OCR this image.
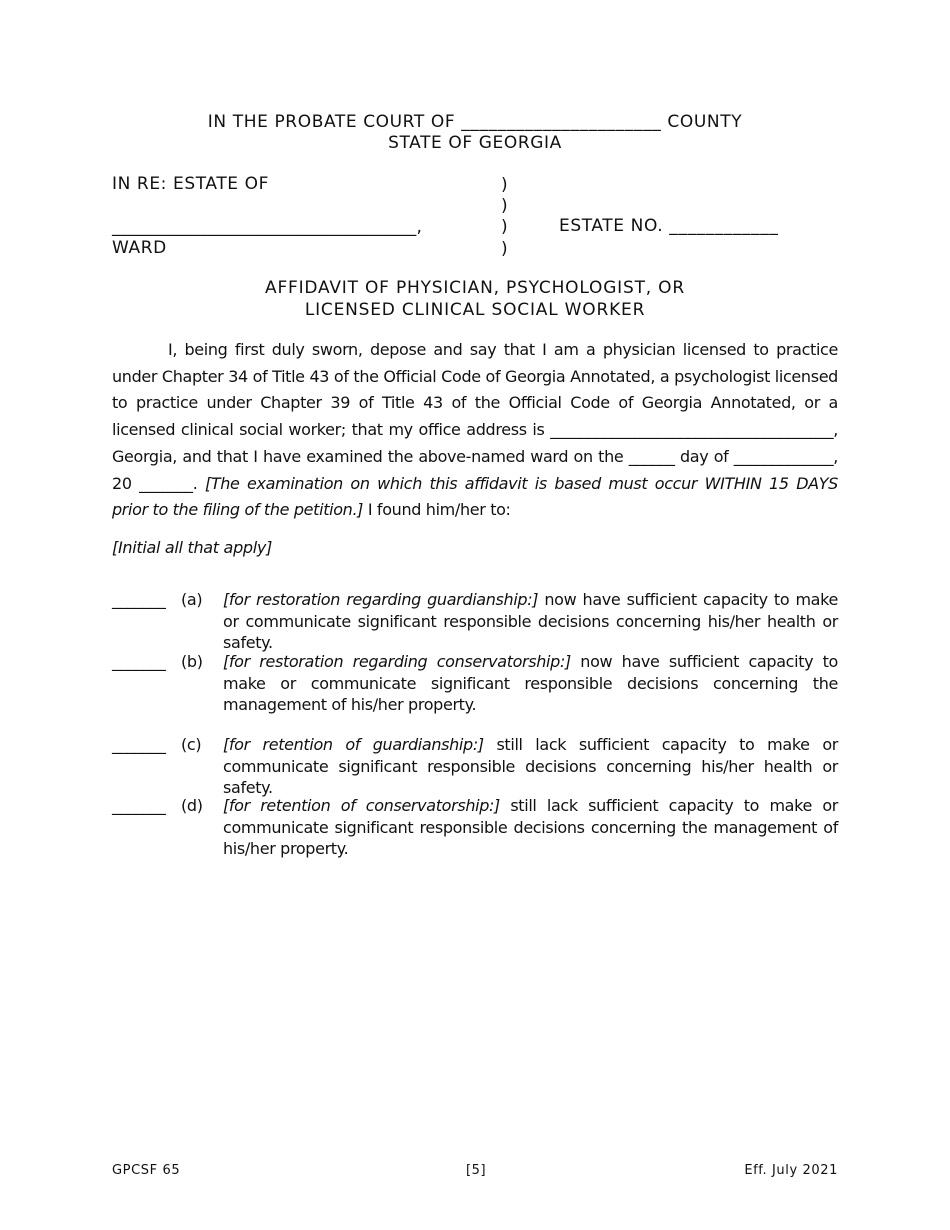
IN THE PROBATE COURT OF ______________________ COUNTY
STATE OF GEORGIA
IN RE: ESTATE OF	)
)
___________________________________,	)	ESTATE NO. ____________
WARD	)
AFFIDAVIT OF PHYSICIAN, PSYCHOLOGIST, OR
LICENSED CLINICAL SOCIAL WORKER
I, being first duly sworn, depose and say that I am a physician licensed to practice under Chapter 34 of Title 43 of the Official Code of Georgia Annotated, a psychologist licensed to practice under Chapter 39 of Title 43 of the Official Code of Georgia Annotated, or a licensed clinical social worker; that my office address is _____________________________________, Georgia, and that I have examined the above-named ward on the ______ day of _____________, 20 _______. [The examination on which this affidavit is based must occur WITHIN 15 DAYS prior to the filing of the petition.] I found him/her to:
[Initial all that apply]
_______ (a) [for restoration regarding guardianship:] now have sufficient capacity to make or communicate significant responsible decisions concerning his/her health or safety.
_______ (b) [for restoration regarding conservatorship:] now have sufficient capacity to make or communicate significant responsible decisions concerning the management of his/her property.
_______ (c) [for retention of guardianship:] still lack sufficient capacity to make or communicate significant responsible decisions concerning his/her health or safety.
_______ (d) [for retention of conservatorship:] still lack sufficient capacity to make or communicate significant responsible decisions concerning the management of his/her property.
GPCSF 65	[5]	Eff. July 2021
